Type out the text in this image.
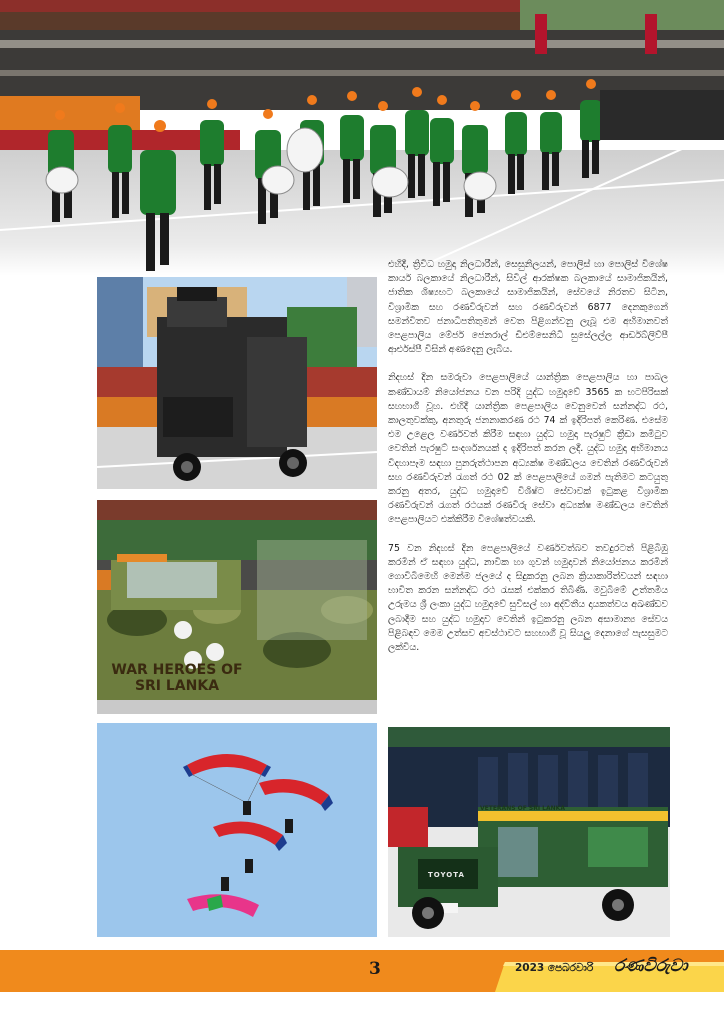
WAR HEROES OF
SRI LANKA
VETERANS OF SRI LANKA
TOYOTA

එහිදී, ත්‍රිවිධ හමුදා නිලධාරීන්, සෙසුනිලයන්, පොලිස් හා පොලිස් විශේෂ කාර්ය බලකායේ නිලධාරීන්, සිවිල් ආරක්ෂක බලකායේ සාමාජිකයින්, ජාතික ශිෂ්‍යභට බලකායේ සාමාජිකයින්, සේවයේ නිරතව සිටින, විශ්‍රාමික සහ රණවිරුවන් සහ රණවිරුවන් 6877 දෙනකුගෙන් සමන්විතව ජනාධිපතිතුමන් වෙත පිළිගන්වනු ලැබූ එම අභිමානවත් පෙළපාලිය මේජර් ජෙනරාල් ඩිඑම්සෙනිධි සුසේලල්ල ආර්ඩබ්ලිව්පී ආර්එස්පී විසින් අණදෙනු ලැබීය.

නිදහස් දින සමරුවා පෙළපාලියේ යාන්ත්‍රික පෙළපාලිය හා පාබල කණ්ඩායම් නියෝජනය වන පරිදි යුද්ධ හමුදාවේ 3565 ක භටපිරිසක් සහභාගී වූහ. එහිදී යාන්ත්‍රික පෙළපාලිය වෙනුවෙන් සන්නද්ධ රථ, කාලතුවක්කු, අනතුරු ජනනාකරණ රථ 74 ක් ඉදිරිපත් කෙරිණ. එසේම එම උළෙල වර්ණවත් කිරීම සඳහා යුද්ධ හමුදා පැරෂුට් ක්‍රීඩා කමිටුව වෙතින් පැරෂුට් සංදර්ශනයක් ද ඉදිරිපත් කරන ලදී. යුද්ධ හමුදා අභිමානය විදහාපෑම සඳහා පුනරුත්ථාපන අධ්‍යක්ෂ මණ්ඩලය වෙතින් රණවිරුවන් සහ රණවිරුවන් රැගත් රථ 02 ක් පෙළපාලියේ ගමන් පැතිමට කටයුතු කරනු අතර, යුද්ධ හමුදාවේ විශිෂ්ට සේවාවක් ඉටුකළ විශ්‍රාමික රණවිරුවන් රැගත් රථයක් රණවිරු සේවා අධ්‍යක්ෂ මණ්ඩලය වෙතින් පෙළපාලියට එක්කිරීම විශේෂත්වයකි.

75 වන නිදහස් දින පෙළපාලියේ වර්ණවත්බව තවදුරටත් පිළිබිඹු කරමින් ඒ සඳහා යුද්ධ, නාවික හා ගුවන් හමුදාවන් නියෝජනය කරමින් ගොවිබිමෙහි මෙන්ම ජලයේ ද සිදුකරනු ලබන ක්‍රියාකාරිත්වයන් සඳහා භාවිත කරන සන්නද්ධ රථ රැසක් එක්කර තිබිණි. මවුබිමේ උත්තමීය උරුමය ශ්‍රී ලංකා යුද්ධ හමුදාවේ සුවිසල් හා අද්විතීය දායකත්වය අඛණ්ඩව ලබාදීම සහ යුද්ධ හමුදාව වෙතින් ඉටුකරනු ලබන අසාමාන්‍ය සේවය පිළිබඳව මෙම උත්සව අවස්ථාවට සහභාගී වූ සියලු දෙනාගේ පැසසුමට ලක්විය.

3	2023 පෙබරවාරි රණවිරුවා
